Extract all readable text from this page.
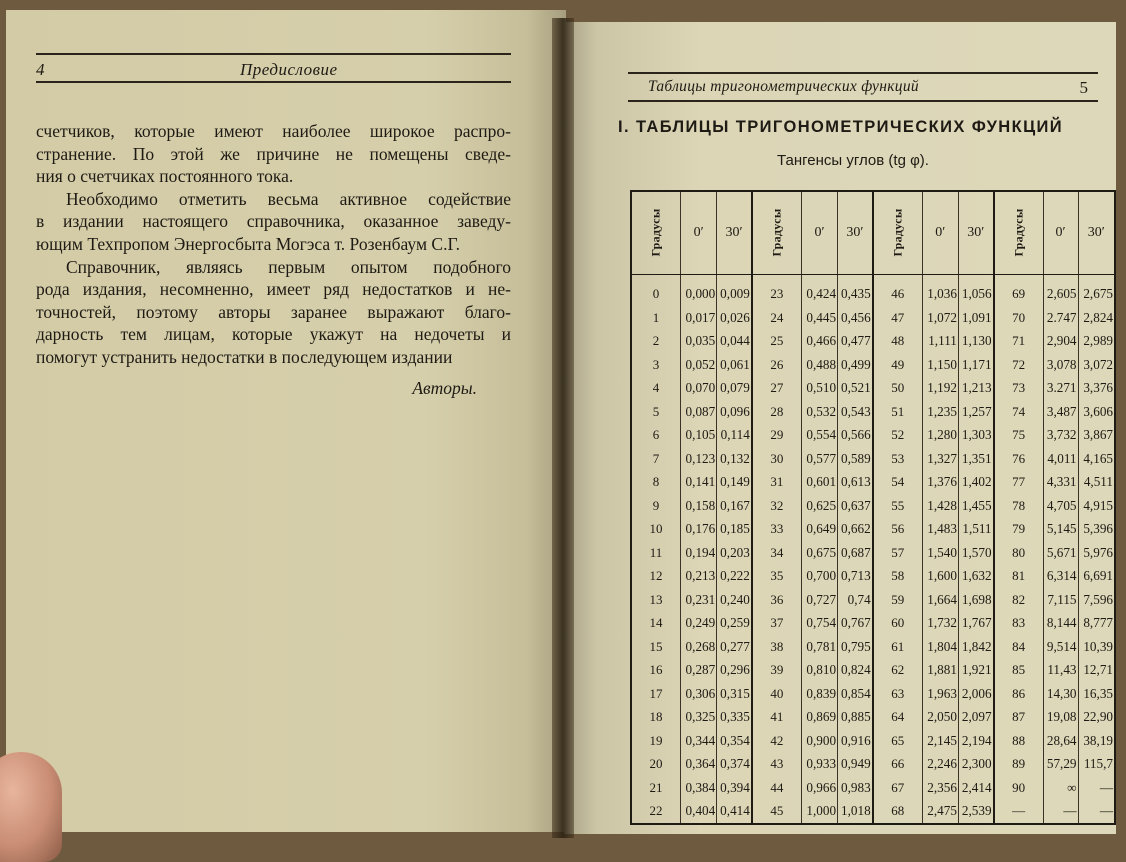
4	Предисловие

счетчиков, которые имеют наиболее широкое распро-
странение. По этой же причине не помещены сведе-
ния о счетчиках постоянного тока.

Необходимо отметить весьма активное содействие
в издании настоящего справочника, оказанное заведу-
ющим Техпропом Энергосбыта Могэса т. Розенбаум С.Г.

Справочник, являясь первым опытом подобного
рода издания, несомненно, имеет ряд недостатков и не-
точностей, поэтому авторы заранее выражают благо-
дарность тем лицам, которые укажут на недочеты и
помогут устранить недостатки в последующем издании

Авторы.

Таблицы тригонометрических функций	5
I. ТАБЛИЦЫ ТРИГОНОМЕТРИЧЕСКИХ ФУНКЦИЙ
Тангенсы углов (tg φ).
Градусы	0′	30′	Градусы	0′	30′	Градусы	0′	30′	Градусы	0′	30′
0	0,000	0,009	23	0,424	0,435	46	1,036	1,056	69	2,605	2,675
1	0,017	0,026	24	0,445	0,456	47	1,072	1,091	70	2.747	2,824
2	0,035	0,044	25	0,466	0,477	48	1,111	1,130	71	2,904	2,989
3	0,052	0,061	26	0,488	0,499	49	1,150	1,171	72	3,078	3,072
4	0,070	0,079	27	0,510	0,521	50	1,192	1,213	73	3.271	3,376
5	0,087	0,096	28	0,532	0,543	51	1,235	1,257	74	3,487	3,606
6	0,105	0,114	29	0,554	0,566	52	1,280	1,303	75	3,732	3,867
7	0,123	0,132	30	0,577	0,589	53	1,327	1,351	76	4,011	4,165
8	0,141	0,149	31	0,601	0,613	54	1,376	1,402	77	4,331	4,511
9	0,158	0,167	32	0,625	0,637	55	1,428	1,455	78	4,705	4,915
10	0,176	0,185	33	0,649	0,662	56	1,483	1,511	79	5,145	5,396
11	0,194	0,203	34	0,675	0,687	57	1,540	1,570	80	5,671	5,976
12	0,213	0,222	35	0,700	0,713	58	1,600	1,632	81	6,314	6,691
13	0,231	0,240	36	0,727	0,74	59	1,664	1,698	82	7,115	7,596
14	0,249	0,259	37	0,754	0,767	60	1,732	1,767	83	8,144	8,777
15	0,268	0,277	38	0,781	0,795	61	1,804	1,842	84	9,514	10,39
16	0,287	0,296	39	0,810	0,824	62	1,881	1,921	85	11,43	12,71
17	0,306	0,315	40	0,839	0,854	63	1,963	2,006	86	14,30	16,35
18	0,325	0,335	41	0,869	0,885	64	2,050	2,097	87	19,08	22,90
19	0,344	0,354	42	0,900	0,916	65	2,145	2,194	88	28,64	38,19
20	0,364	0,374	43	0,933	0,949	66	2,246	2,300	89	57,29	115,7
21	0,384	0,394	44	0,966	0,983	67	2,356	2,414	90	∞	—
22	0,404	0,414	45	1,000	1,018	68	2,475	2,539	—	—	—
